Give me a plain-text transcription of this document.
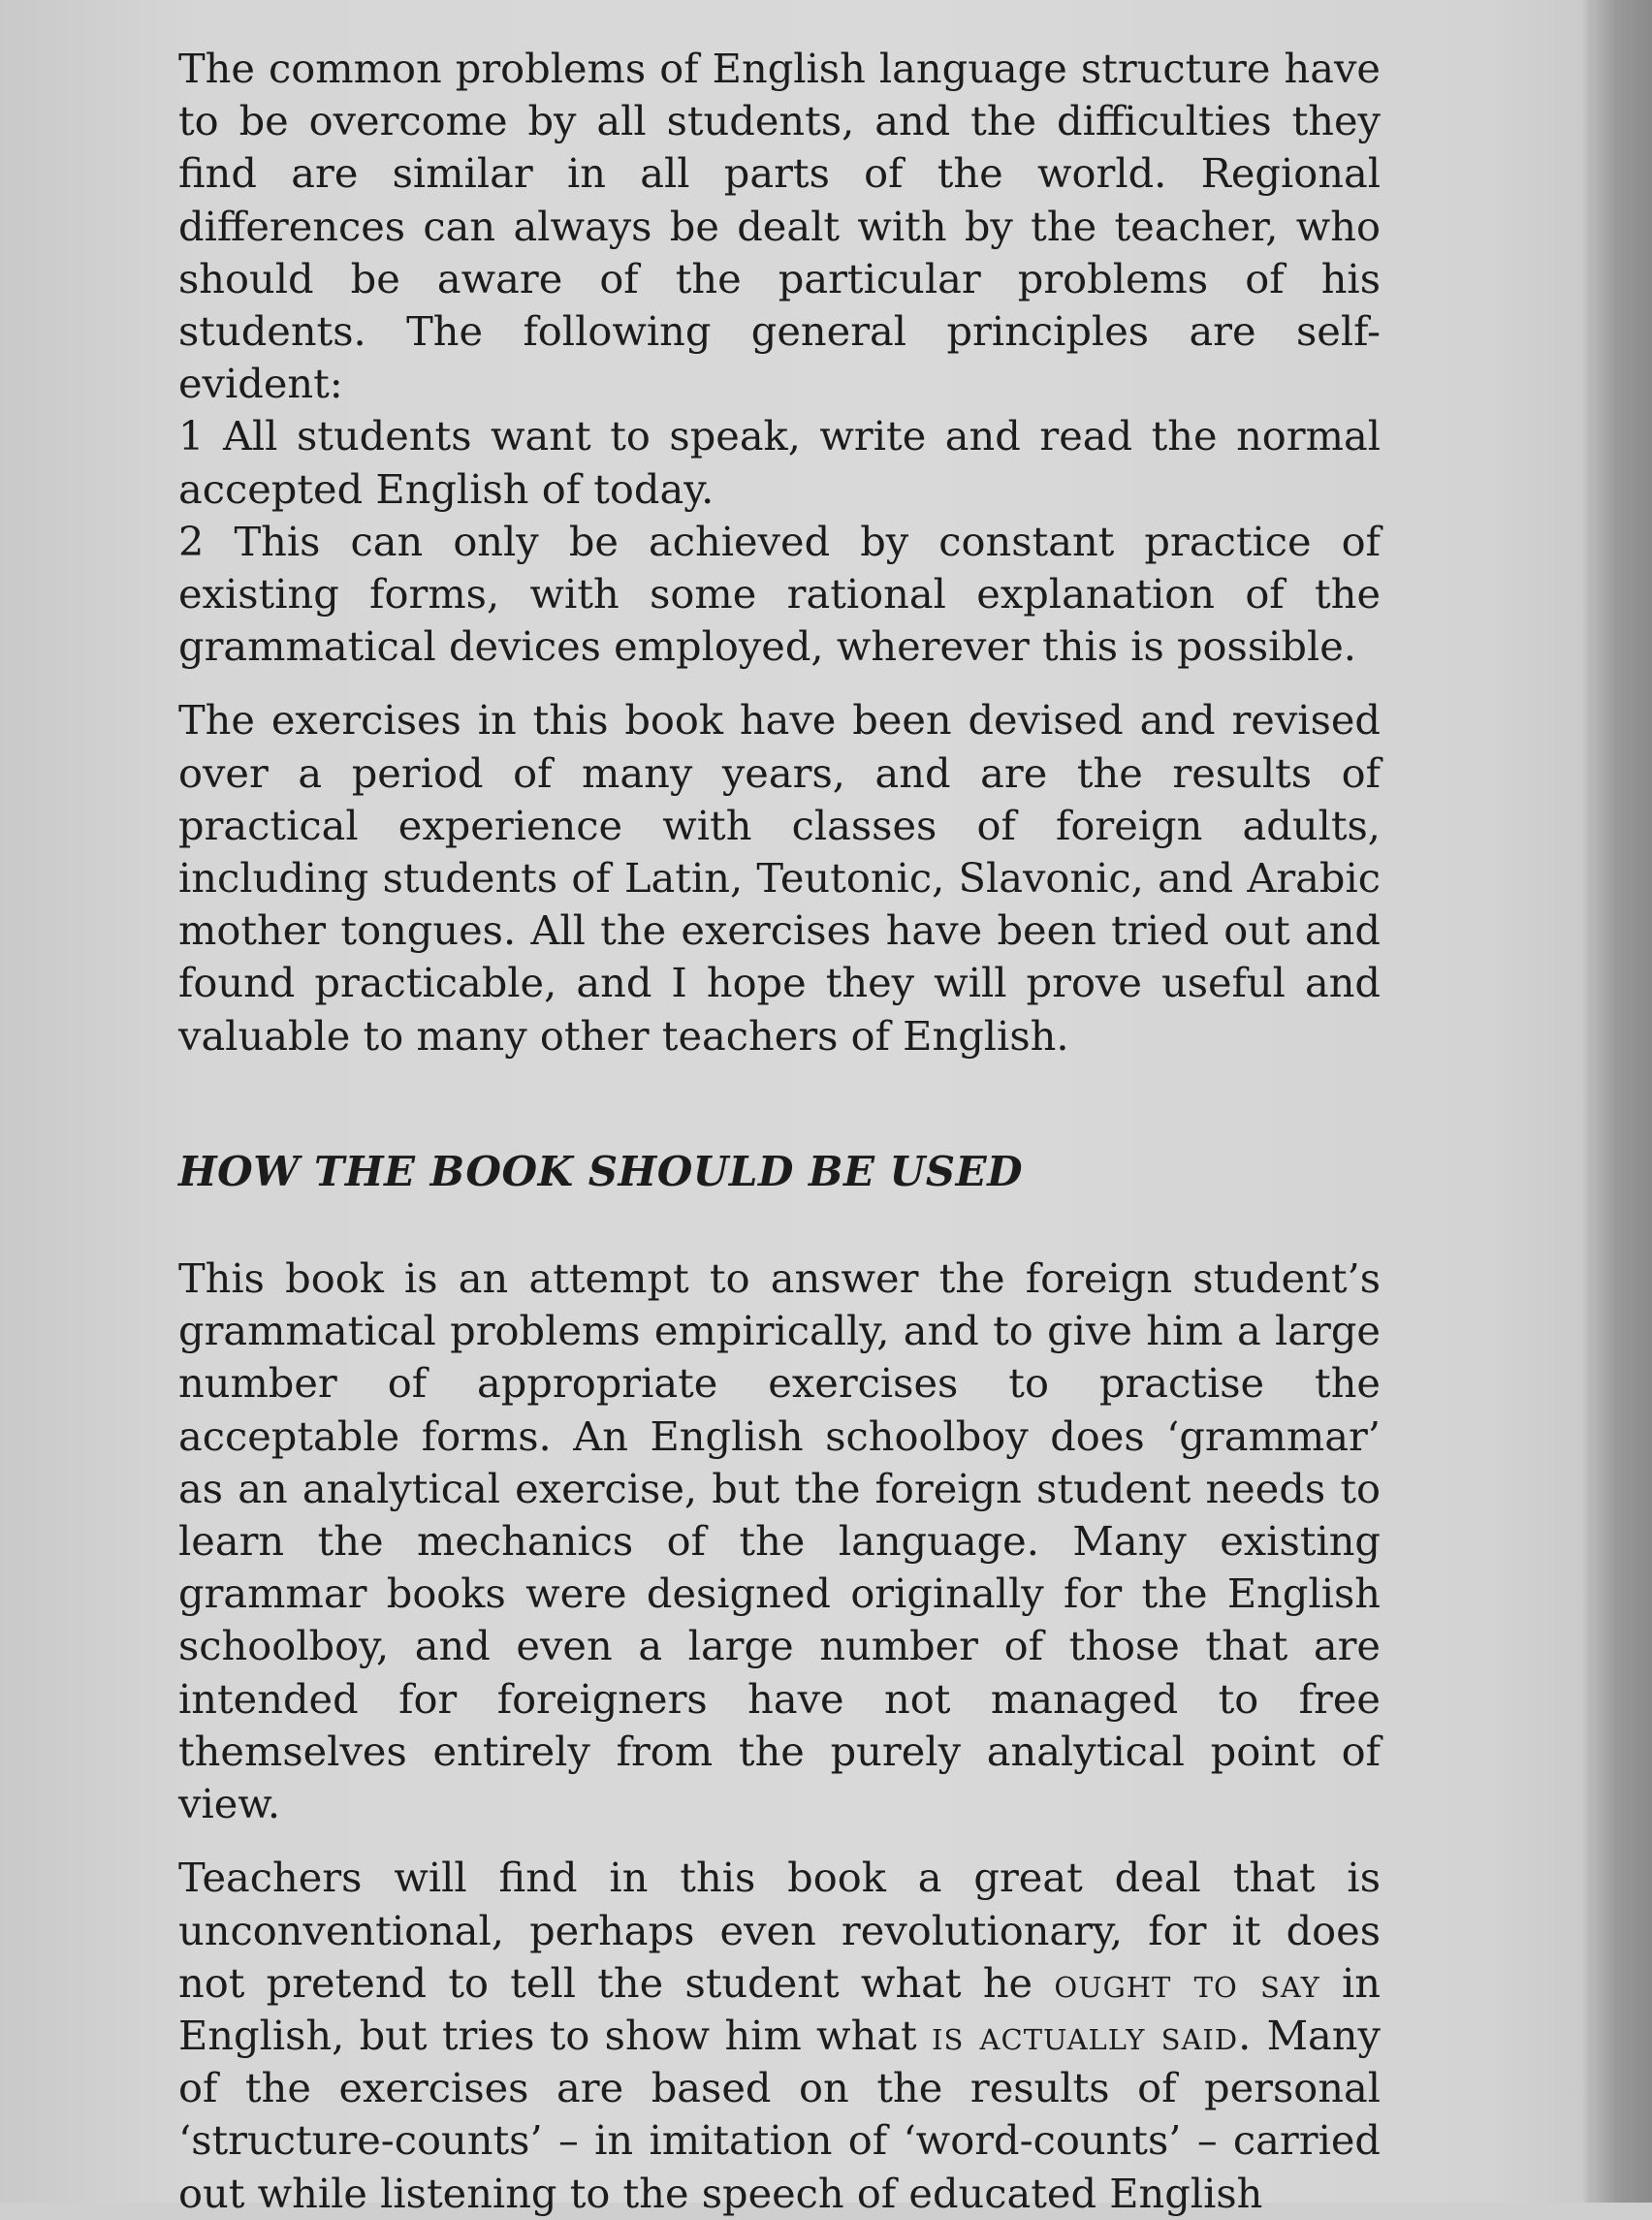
The common problems of English language structure have to be overcome by all students, and the difficulties they find are similar in all parts of the world. Regional differences can always be dealt with by the teacher, who should be aware of the particular problems of his students. The following general principles are self-evident:

1 All students want to speak, write and read the normal accepted English of today.

2 This can only be achieved by constant practice of existing forms, with some rational explanation of the grammatical devices employed, wherever this is possible.

The exercises in this book have been devised and revised over a period of many years, and are the results of practical experience with classes of foreign adults, including students of Latin, Teutonic, Slavonic, and Arabic mother tongues. All the exercises have been tried out and found practicable, and I hope they will prove useful and valuable to many other teachers of English.

HOW THE BOOK SHOULD BE USED

This book is an attempt to answer the foreign student’s grammatical problems empirically, and to give him a large number of appropriate exercises to practise the acceptable forms. An English schoolboy does ‘grammar’ as an analytical exercise, but the foreign student needs to learn the mechanics of the language. Many existing grammar books were designed originally for the English schoolboy, and even a large number of those that are intended for foreigners have not managed to free themselves entirely from the purely analytical point of view.

Teachers will find in this book a great deal that is unconventional, perhaps even revolutionary, for it does not pretend to tell the student what he ought to say in English, but tries to show him what is actually said. Many of the exercises are based on the results of personal ‘structure-counts’ – in imitation of ‘word-counts’ – carried out while listening to the speech of educated English
